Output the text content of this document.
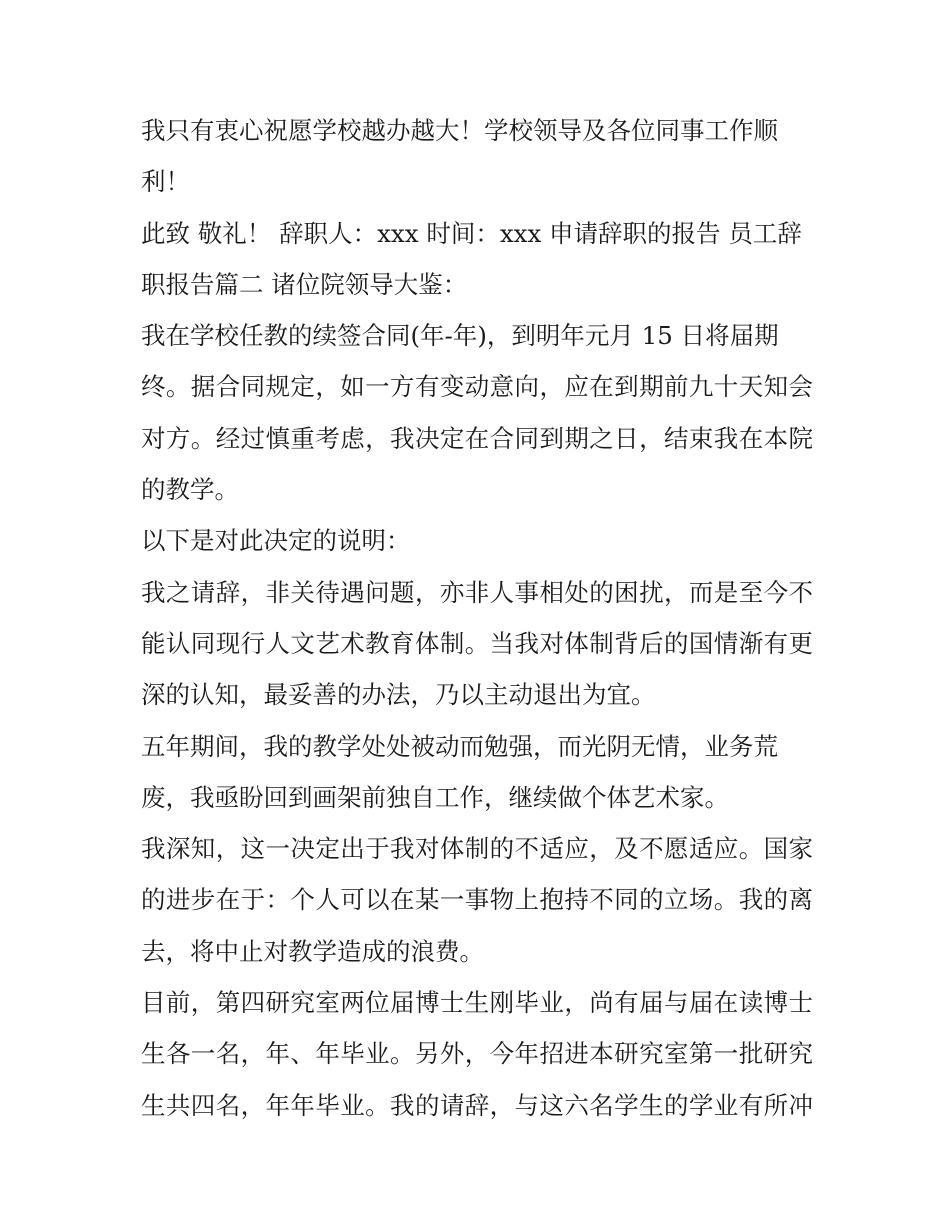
我只有衷心祝愿学校越办越大！学校领导及各位同事工作顺
利！
此致 敬礼！ 辞职人：xxx 时间：xxx 申请辞职的报告 员工辞
职报告篇二 诸位院领导大鉴：
我在学校任教的续签合同(年-年)，到明年元月 15 日将届期
终。据合同规定，如一方有变动意向，应在到期前九十天知会
对方。经过慎重考虑，我决定在合同到期之日，结束我在本院
的教学。
以下是对此决定的说明：
我之请辞，非关待遇问题，亦非人事相处的困扰，而是至今不
能认同现行人文艺术教育体制。当我对体制背后的国情渐有更
深的认知，最妥善的办法，乃以主动退出为宜。
五年期间，我的教学处处被动而勉强，而光阴无情，业务荒
废，我亟盼回到画架前独自工作，继续做个体艺术家。
我深知，这一决定出于我对体制的不适应，及不愿适应。国家
的进步在于：个人可以在某一事物上抱持不同的立场。我的离
去，将中止对教学造成的浪费。
目前，第四研究室两位届博士生刚毕业，尚有届与届在读博士
生各一名，年、年毕业。另外，今年招进本研究室第一批研究
生共四名，年年毕业。我的请辞，与这六名学生的学业有所冲
